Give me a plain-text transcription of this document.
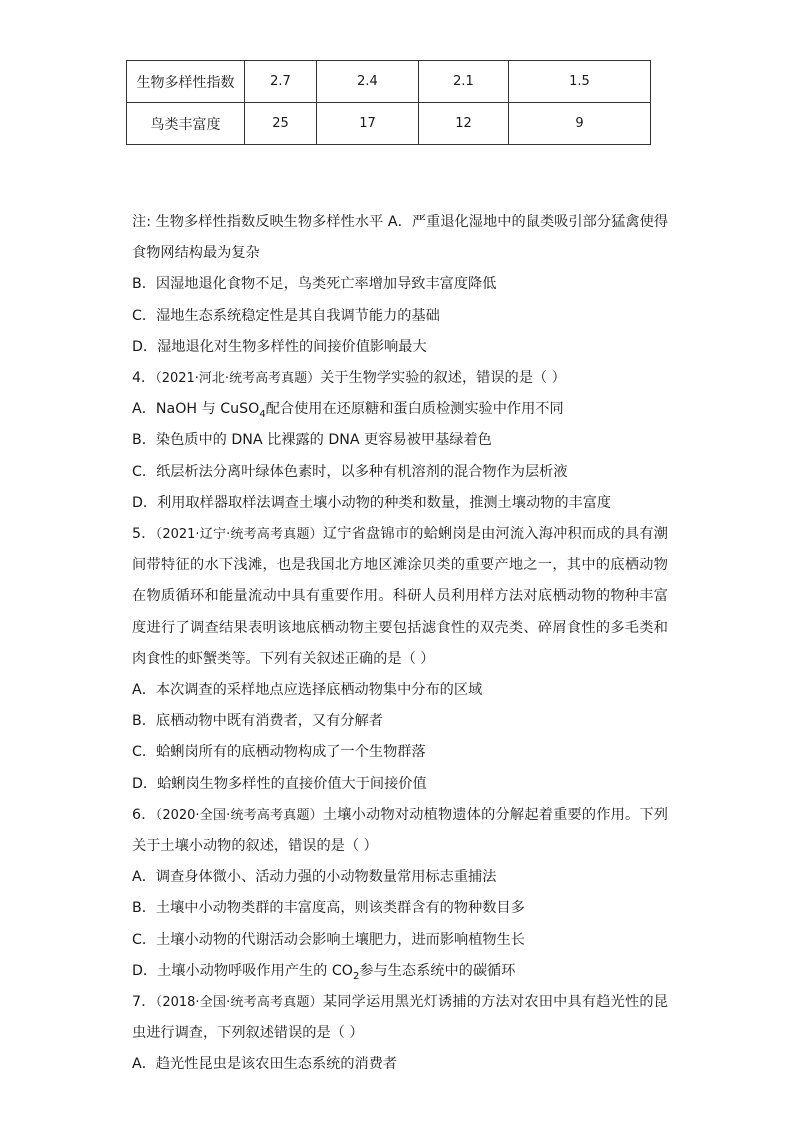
生物多样性指数	2.7	2.4	2.1	1.5
鸟类丰富度	25	17	12	9

注: 生物多样性指数反映生物多样性水平 A．严重退化湿地中的鼠类吸引部分猛禽使得食物网结构最为复杂

B．因湿地退化食物不足，鸟类死亡率增加导致丰富度降低

C．湿地生态系统稳定性是其自我调节能力的基础

D．湿地退化对生物多样性的间接价值影响最大

4．（2021·河北·统考高考真题）关于生物学实验的叙述，错误的是（ ）

A．NaOH 与 CuSO$_4$配合使用在还原糖和蛋白质检测实验中作用不同

B．染色质中的 DNA 比裸露的 DNA 更容易被甲基绿着色

C．纸层析法分离叶绿体色素时，以多种有机溶剂的混合物作为层析液

D．利用取样器取样法调查土壤小动物的种类和数量，推测土壤动物的丰富度

5．（2021·辽宁·统考高考真题）辽宁省盘锦市的蛤蜊岗是由河流入海冲积而成的具有潮间带特征的水下浅滩，也是我国北方地区滩涂贝类的重要产地之一，其中的底栖动物在物质循环和能量流动中具有重要作用。科研人员利用样方法对底栖动物的物种丰富度进行了调查结果表明该地底栖动物主要包括滤食性的双壳类、碎屑食性的多毛类和肉食性的虾蟹类等。下列有关叙述正确的是（ ）

A．本次调查的采样地点应选择底栖动物集中分布的区域

B．底栖动物中既有消费者，又有分解者

C．蛤蜊岗所有的底栖动物构成了一个生物群落

D．蛤蜊岗生物多样性的直接价值大于间接价值

6．（2020·全国·统考高考真题）土壤小动物对动植物遗体的分解起着重要的作用。下列关于土壤小动物的叙述，错误的是（ ）

A．调查身体微小、活动力强的小动物数量常用标志重捕法

B．土壤中小动物类群的丰富度高，则该类群含有的物种数目多

C．土壤小动物的代谢活动会影响土壤肥力，进而影响植物生长

D．土壤小动物呼吸作用产生的 $CO_2$参与生态系统中的碳循环

7．（2018·全国·统考高考真题）某同学运用黑光灯诱捕的方法对农田中具有趋光性的昆虫进行调查，下列叙述错误的是（ ）

A．趋光性昆虫是该农田生态系统的消费者
